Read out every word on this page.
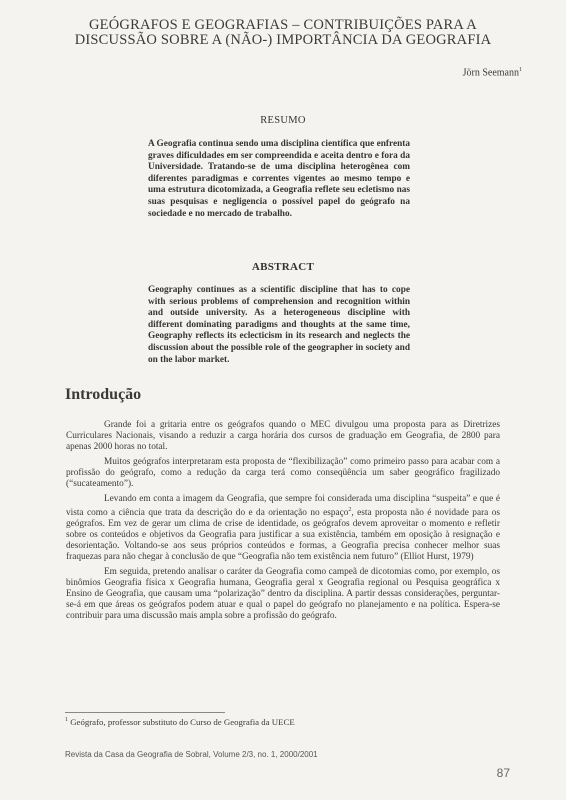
GEÓGRAFOS E GEOGRAFIAS – CONTRIBUIÇÕES PARA A
DISCUSSÃO SOBRE A (NÃO-) IMPORTÂNCIA DA GEOGRAFIA
Jörn Seemann$^1$
RESUMO
A Geografia continua sendo uma disciplina científica que enfrenta graves dificuldades em ser compreendida e aceita dentro e fora da Universidade. Tratando-se de uma disciplina heterogênea com diferentes paradigmas e correntes vigentes ao mesmo tempo e uma estrutura dicotomizada, a Geografia reflete seu ecletismo nas suas pesquisas e negligencia o possível papel do geógrafo na sociedade e no mercado de trabalho.
ABSTRACT
Geography continues as a scientific discipline that has to cope with serious problems of comprehension and recognition within and outside university. As a heterogeneous discipline with different dominating paradigms and thoughts at the same time, Geography reflects its eclecticism in its research and neglects the discussion about the possible role of the geographer in society and on the labor market.
Introdução

Grande foi a gritaria entre os geógrafos quando o MEC divulgou uma proposta para as Diretrizes Curriculares Nacionais, visando a reduzir a carga horária dos cursos de graduação em Geografia, de 2800 para apenas 2000 horas no total.

Muitos geógrafos interpretaram esta proposta de “flexibilização” como primeiro passo para acabar com a profissão do geógrafo, como a redução da carga terá como conseqüência um saber geográfico fragilizado (“sucateamento”).

Levando em conta a imagem da Geografia, que sempre foi considerada uma disciplina “suspeita” e que é vista como a ciência que trata da descrição do e da orientação no espaço$^2$, esta proposta não é novidade para os geógrafos. Em vez de gerar um clima de crise de identidade, os geógrafos devem aproveitar o momento e refletir sobre os conteúdos e objetivos da Geografia para justificar a sua existência, também em oposição à resignação e desorientação. Voltando-se aos seus próprios conteúdos e formas, a Geografia precisa conhecer melhor suas fraquezas para não chegar à conclusão de que “Geografia não tem existência nem futuro” (Elliot Hurst, 1979)

Em seguida, pretendo analisar o caráter da Geografia como campeã de dicotomias como, por exemplo, os binômios Geografia física x Geografia humana, Geografia geral x Geografia regional ou Pesquisa geográfica x Ensino de Geografia, que causam uma “polarização” dentro da disciplina. A partir dessas considerações, perguntar-se-á em que áreas os geógrafos podem atuar e qual o papel do geógrafo no planejamento e na política. Espera-se contribuir para uma discussão mais ampla sobre a profissão do geógrafo.

$^1$ Geógrafo, professor substituto do Curso de Geografia da UECE
Revista da Casa da Geografia de Sobral, Volume 2/3, no. 1, 2000/2001
87
